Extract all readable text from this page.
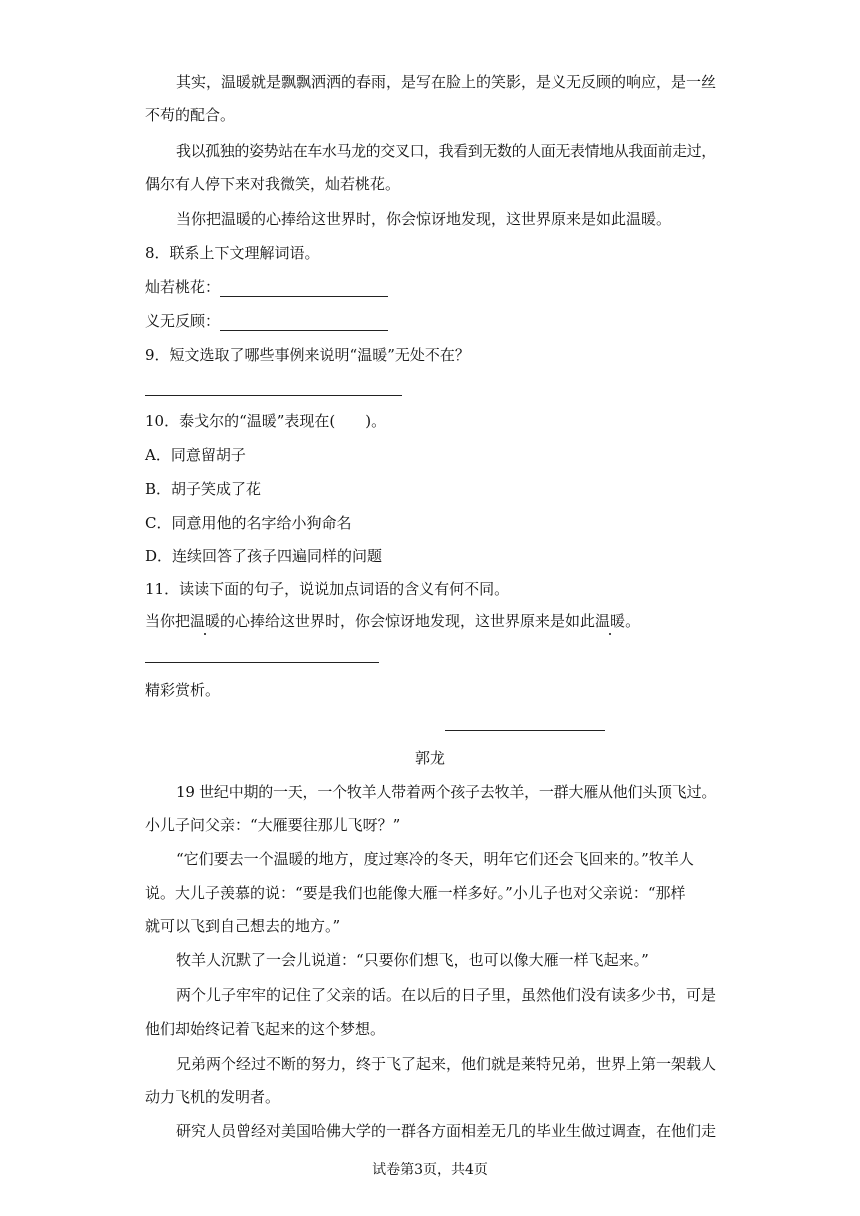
其实，温暖就是飘飘洒洒的春雨，是写在脸上的笑影，是义无反顾的响应，是一丝
不苟的配合。
我以孤独的姿势站在车水马龙的交叉口，我看到无数的人面无表情地从我面前走过，
偶尔有人停下来对我微笑，灿若桃花。
当你把温暖的心捧给这世界时，你会惊讶地发现，这世界原来是如此温暖。
8．联系上下文理解词语。
灿若桃花：
义无反顾：
9．短文选取了哪些事例来说明“温暖”无处不在？
10．泰戈尔的“温暖”表现在(　　)。
A．同意留胡子
B．胡子笑成了花
C．同意用他的名字给小狗命名
D．连续回答了孩子四遍同样的问题
11．读读下面的句子，说说加点词语的含义有何不同。
当你把温暖的心捧给这世界时，你会惊讶地发现，这世界原来是如此温暖。
精彩赏析。
郭龙
19 世纪中期的一天，一个牧羊人带着两个孩子去牧羊，一群大雁从他们头顶飞过。
小儿子问父亲：“大雁要往那儿飞呀？”
“它们要去一个温暖的地方，度过寒冷的冬天，明年它们还会飞回来的。”牧羊人
说。大儿子羡慕的说：“要是我们也能像大雁一样多好。”小儿子也对父亲说：“那样
就可以飞到自己想去的地方。”
牧羊人沉默了一会儿说道：“只要你们想飞，也可以像大雁一样飞起来。”
两个儿子牢牢的记住了父亲的话。在以后的日子里，虽然他们没有读多少书，可是
他们却始终记着飞起来的这个梦想。
兄弟两个经过不断的努力，终于飞了起来，他们就是莱特兄弟，世界上第一架载人
动力飞机的发明者。
研究人员曾经对美国哈佛大学的一群各方面相差无几的毕业生做过调查，在他们走
试卷第3页，共4页
